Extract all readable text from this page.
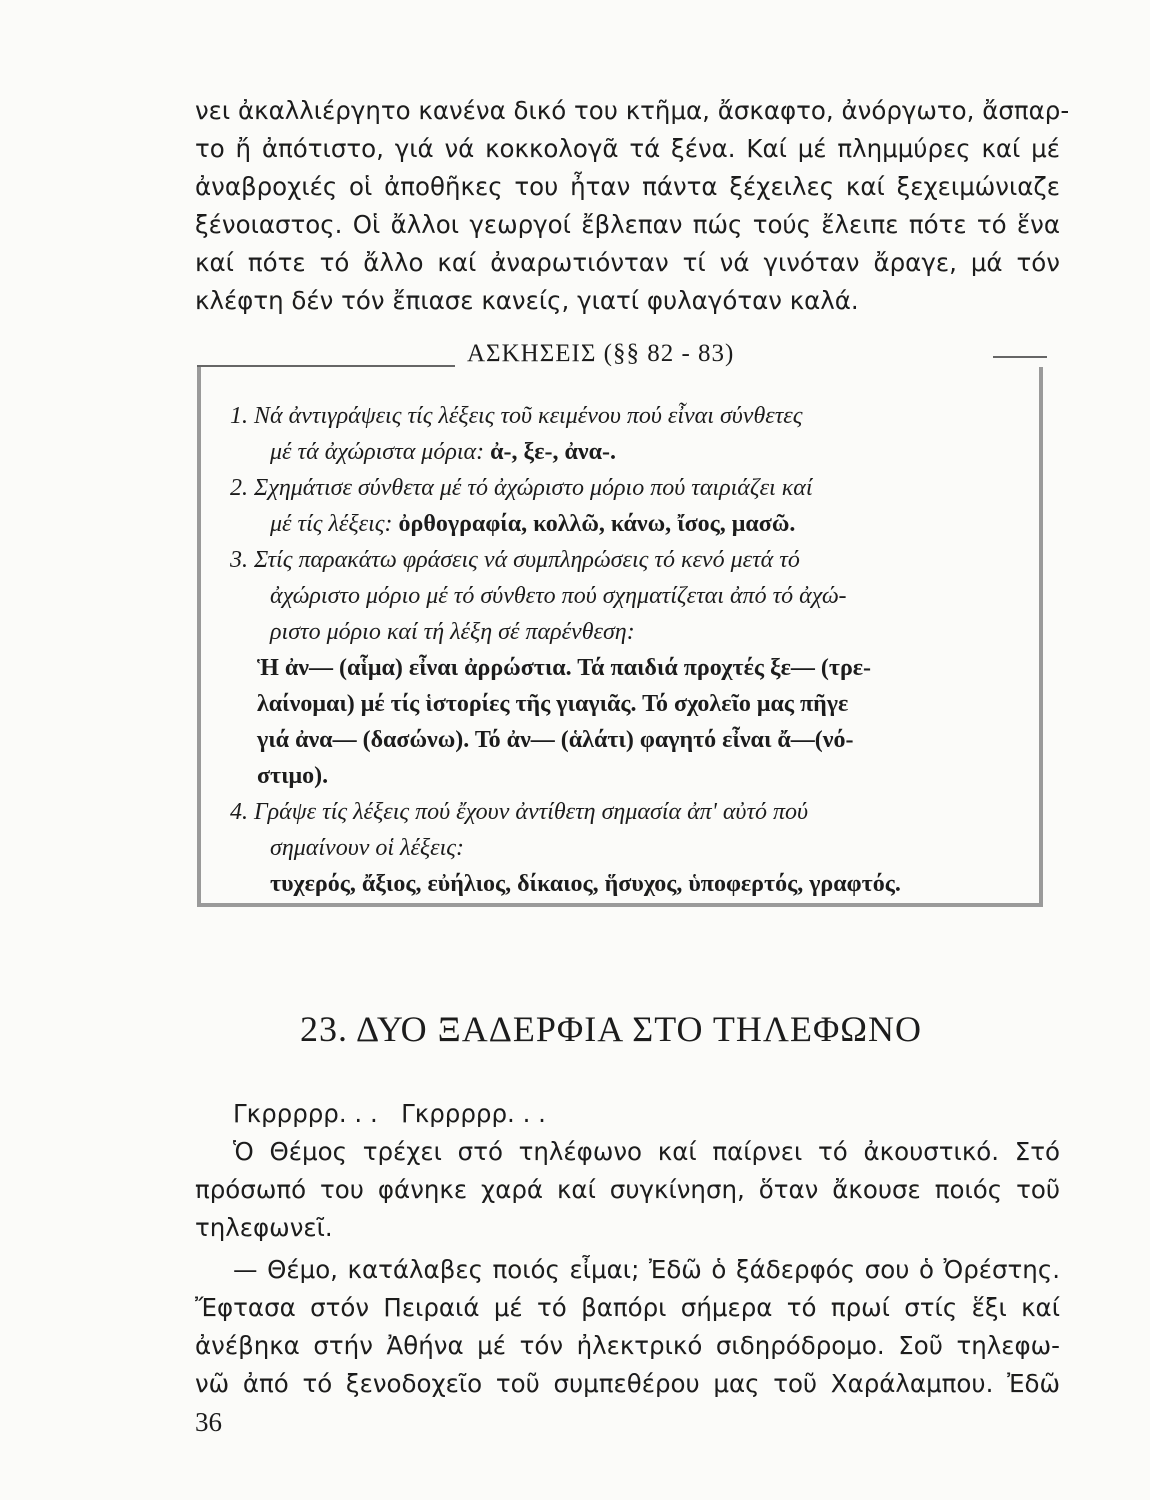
νει ἀκαλλιέργητο κανένα δικό του κτῆμα, ἄσκαφτο, ἀνόργωτο, ἄσπαρ-
το ἤ ἀπότιστο, γιά νά κοκκολογᾶ τά ξένα. Καί μέ πλημμύρες καί μέ
ἀναβροχιές οἱ ἀποθῆκες του ἦταν πάντα ξέχειλες καί ξεχειμώνιαζε
ξένοιαστος. Οἱ ἄλλοι γεωργοί ἔβλεπαν πώς τούς ἔλειπε πότε τό ἕνα
καί πότε τό ἄλλο καί ἀναρωτιόνταν τί νά γινόταν ἄραγε, μά τόν
κλέφτη δέν τόν ἔπιασε κανείς, γιατί φυλαγόταν καλά.
ΑΣΚΗΣΕΙΣ (§§ 82 - 83)
1. Νά ἀντιγράψεις τίς λέξεις τοῦ κειμένου πού εἶναι σύνθετες
μέ τά ἀχώριστα μόρια: ἀ-, ξε-, ἀνα-.
2. Σχημάτισε σύνθετα μέ τό ἀχώριστο μόριο πού ταιριάζει καί
μέ τίς λέξεις: ὀρθογραφία, κολλῶ, κάνω, ἴσος, μασῶ.
3. Στίς παρακάτω φράσεις νά συμπληρώσεις τό κενό μετά τό
ἀχώριστο μόριο μέ τό σύνθετο πού σχηματίζεται ἀπό τό ἀχώ-
ριστο μόριο καί τή λέξη σέ παρένθεση:
Ἡ ἀν— (αἷμα) εἶναι ἀρρώστια. Τά παιδιά προχτές ξε— (τρε-
λαίνομαι) μέ τίς ἱστορίες τῆς γιαγιᾶς. Τό σχολεῖο μας πῆγε
γιά ἀνα— (δασώνω). Τό ἀν— (ἁλάτι) φαγητό εἶναι ἄ—(νό-
στιμο).
4. Γράψε τίς λέξεις πού ἔχουν ἀντίθετη σημασία ἀπ' αὐτό πού
σημαίνουν οἱ λέξεις:
τυχερός, ἄξιος, εὐήλιος, δίκαιος, ἥσυχος, ὑποφερτός, γραφτός.
23. ΔΥΟ ΞΑΔΕΡΦΙΑ ΣΤΟ ΤΗΛΕΦΩΝΟ
Γκρρρρρ. . .   Γκρρρρρ. . .
Ὁ Θέμος τρέχει στό τηλέφωνο καί παίρνει τό ἀκουστικό. Στό
πρόσωπό του φάνηκε χαρά καί συγκίνηση, ὅταν ἄκουσε ποιός τοῦ
τηλεφωνεῖ.
— Θέμο, κατάλαβες ποιός εἶμαι; Ἐδῶ ὁ ξάδερφός σου ὁ Ὀρέστης.
Ἔφτασα στόν Πειραιά μέ τό βαπόρι σήμερα τό πρωί στίς ἕξι καί
ἀνέβηκα στήν Ἀθήνα μέ τόν ἠλεκτρικό σιδηρόδρομο. Σοῦ τηλεφω-
νῶ ἀπό τό ξενοδοχεῖο τοῦ συμπεθέρου μας τοῦ Χαράλαμπου. Ἐδῶ
36
